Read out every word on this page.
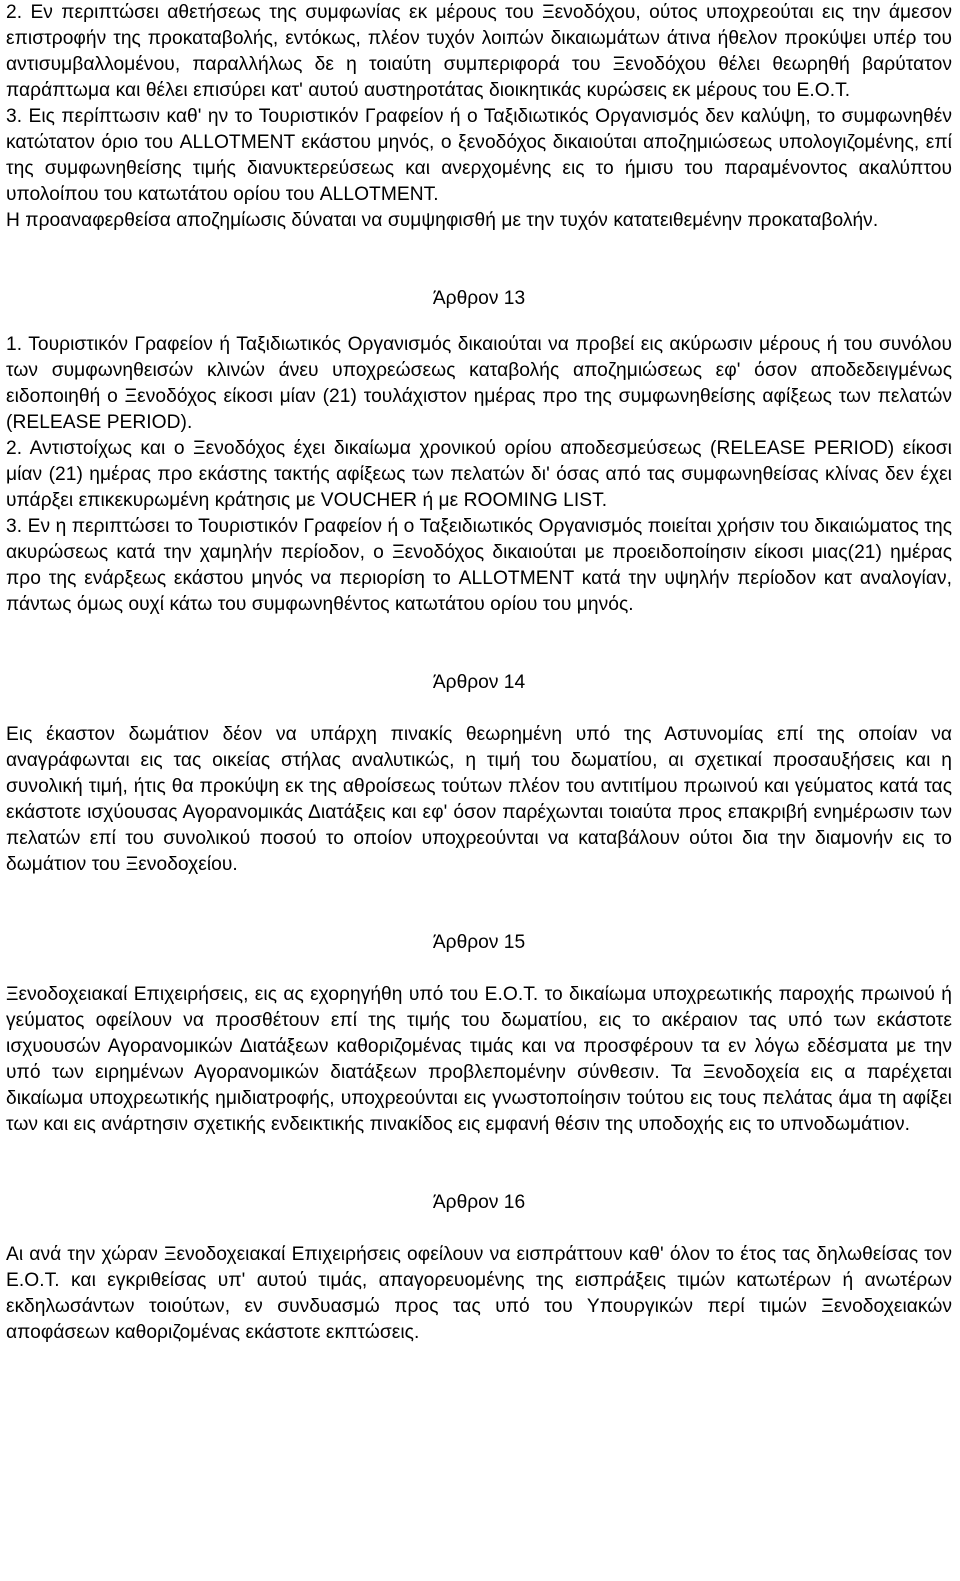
2. Εν περιπτώσει αθετήσεως της συμφωνίας εκ μέρους του Ξενοδόχου, ούτος υποχρεούται εις την άμεσον επιστροφήν της προκαταβολής, εντόκως, πλέον τυχόν λοιπών δικαιωμάτων άτινα ήθελον προκύψει υπέρ του αντισυμβαλλομένου, παραλλήλως δε η τοιαύτη συμπεριφορά του Ξενοδόχου θέλει θεωρηθή βαρύτατον παράπτωμα και θέλει επισύρει κατ' αυτού αυστηροτάτας διοικητικάς κυρώσεις εκ μέρους του Ε.Ο.Τ.

3. Εις περίπτωσιν καθ' ην το Τουριστικόν Γραφείον ή ο Ταξιδιωτικός Οργανισμός δεν καλύψη, το συμφωνηθέν κατώτατον όριο του ALLOTMENT εκάστου μηνός, ο ξενοδόχος δικαιούται αποζημιώσεως υπολογιζομένης, επί της συμφωνηθείσης τιμής διανυκτερεύσεως και ανερχομένης εις το ήμισυ του παραμένοντος ακαλύπτου υπολοίπου του κατωτάτου ορίου του ALLOTMENT.

Η προαναφερθείσα αποζημίωσις δύναται να συμψηφισθή με την τυχόν κατατειθεμένην προκαταβολήν.

Άρθρον 13

1. Τουριστικόν Γραφείον ή Ταξιδιωτικός Οργανισμός δικαιούται να προβεί εις ακύρωσιν μέρους ή του συνόλου των συμφωνηθεισών κλινών άνευ υποχρεώσεως καταβολής αποζημιώσεως εφ' όσον αποδεδειγμένως ειδοποιηθή ο Ξενοδόχος είκοσι μίαν (21) τουλάχιστον ημέρας προ της συμφωνηθείσης αφίξεως των πελατών (RELEASE PERIOD).

2. Αντιστοίχως και ο Ξενοδόχος έχει δικαίωμα χρονικού ορίου αποδεσμεύσεως (RELEASE PERIOD) είκοσι μίαν (21) ημέρας προ εκάστης τακτής αφίξεως των πελατών δι' όσας από τας συμφωνηθείσας κλίνας δεν έχει υπάρξει επικεκυρωμένη κράτησις με VOUCHER ή με ROOMING LIST.

3. Εν η περιπτώσει το Τουριστικόν Γραφείον ή ο Ταξειδιωτικός Οργανισμός ποιείται χρήσιν του δικαιώματος της ακυρώσεως κατά την χαμηλήν περίοδον, ο Ξενοδόχος δικαιούται με προειδοποίησιν είκοσι μιας(21) ημέρας προ της ενάρξεως εκάστου μηνός να περιορίση το ALLOTMENT κατά την υψηλήν περίοδον κατ αναλογίαν, πάντως όμως ουχί κάτω του συμφωνηθέντος κατωτάτου ορίου του μηνός.

Άρθρον 14

Εις έκαστον δωμάτιον δέον να υπάρχη πινακίς θεωρημένη υπό της Αστυνομίας επί της οποίαν να αναγράφωνται εις τας οικείας στήλας αναλυτικώς, η τιμή του δωματίου, αι σχετικαί προσαυξήσεις και η συνολική τιμή, ήτις θα προκύψη εκ της αθροίσεως τούτων πλέον του αντιτίμου πρωινού και γεύματος κατά τας εκάστοτε ισχύουσας Αγορανομικάς Διατάξεις και εφ' όσον παρέχωνται τοιαύτα προς επακριβή ενημέρωσιν των πελατών επί του συνολικού ποσού το οποίον υποχρεούνται να καταβάλουν ούτοι δια την διαμονήν εις το δωμάτιον του Ξενοδοχείου.

Άρθρον 15

Ξενοδοχειακαί Επιχειρήσεις, εις ας εχορηγήθη υπό του Ε.Ο.Τ. το δικαίωμα υποχρεωτικής παροχής πρωινού ή γεύματος οφείλουν να προσθέτουν επί της τιμής του δωματίου, εις το ακέραιον τας υπό των εκάστοτε ισχυουσών Αγορανομικών Διατάξεων καθοριζομένας τιμάς και να προσφέρουν τα εν λόγω εδέσματα με την υπό των ειρημένων Αγορανομικών διατάξεων προβλεπομένην σύνθεσιν. Τα Ξενοδοχεία εις α παρέχεται δικαίωμα υποχρεωτικής ημιδιατροφής, υποχρεούνται εις γνωστοποίησιν τούτου εις τους πελάτας άμα τη αφίξει των και εις ανάρτησιν σχετικής ενδεικτικής πινακίδος εις εμφανή θέσιν της υποδοχής εις το υπνοδωμάτιον.

Άρθρον 16

Αι ανά την χώραν Ξενοδοχειακαί Επιχειρήσεις οφείλουν να εισπράττουν καθ' όλον το έτος τας δηλωθείσας τον Ε.Ο.Τ. και εγκριθείσας υπ' αυτού τιμάς, απαγορευομένης της εισπράξεις τιμών κατωτέρων ή ανωτέρων εκδηλωσάντων τοιούτων, εν συνδυασμώ προς τας υπό του Υπουργικών περί τιμών Ξενοδοχειακών αποφάσεων καθοριζομένας εκάστοτε εκπτώσεις.
